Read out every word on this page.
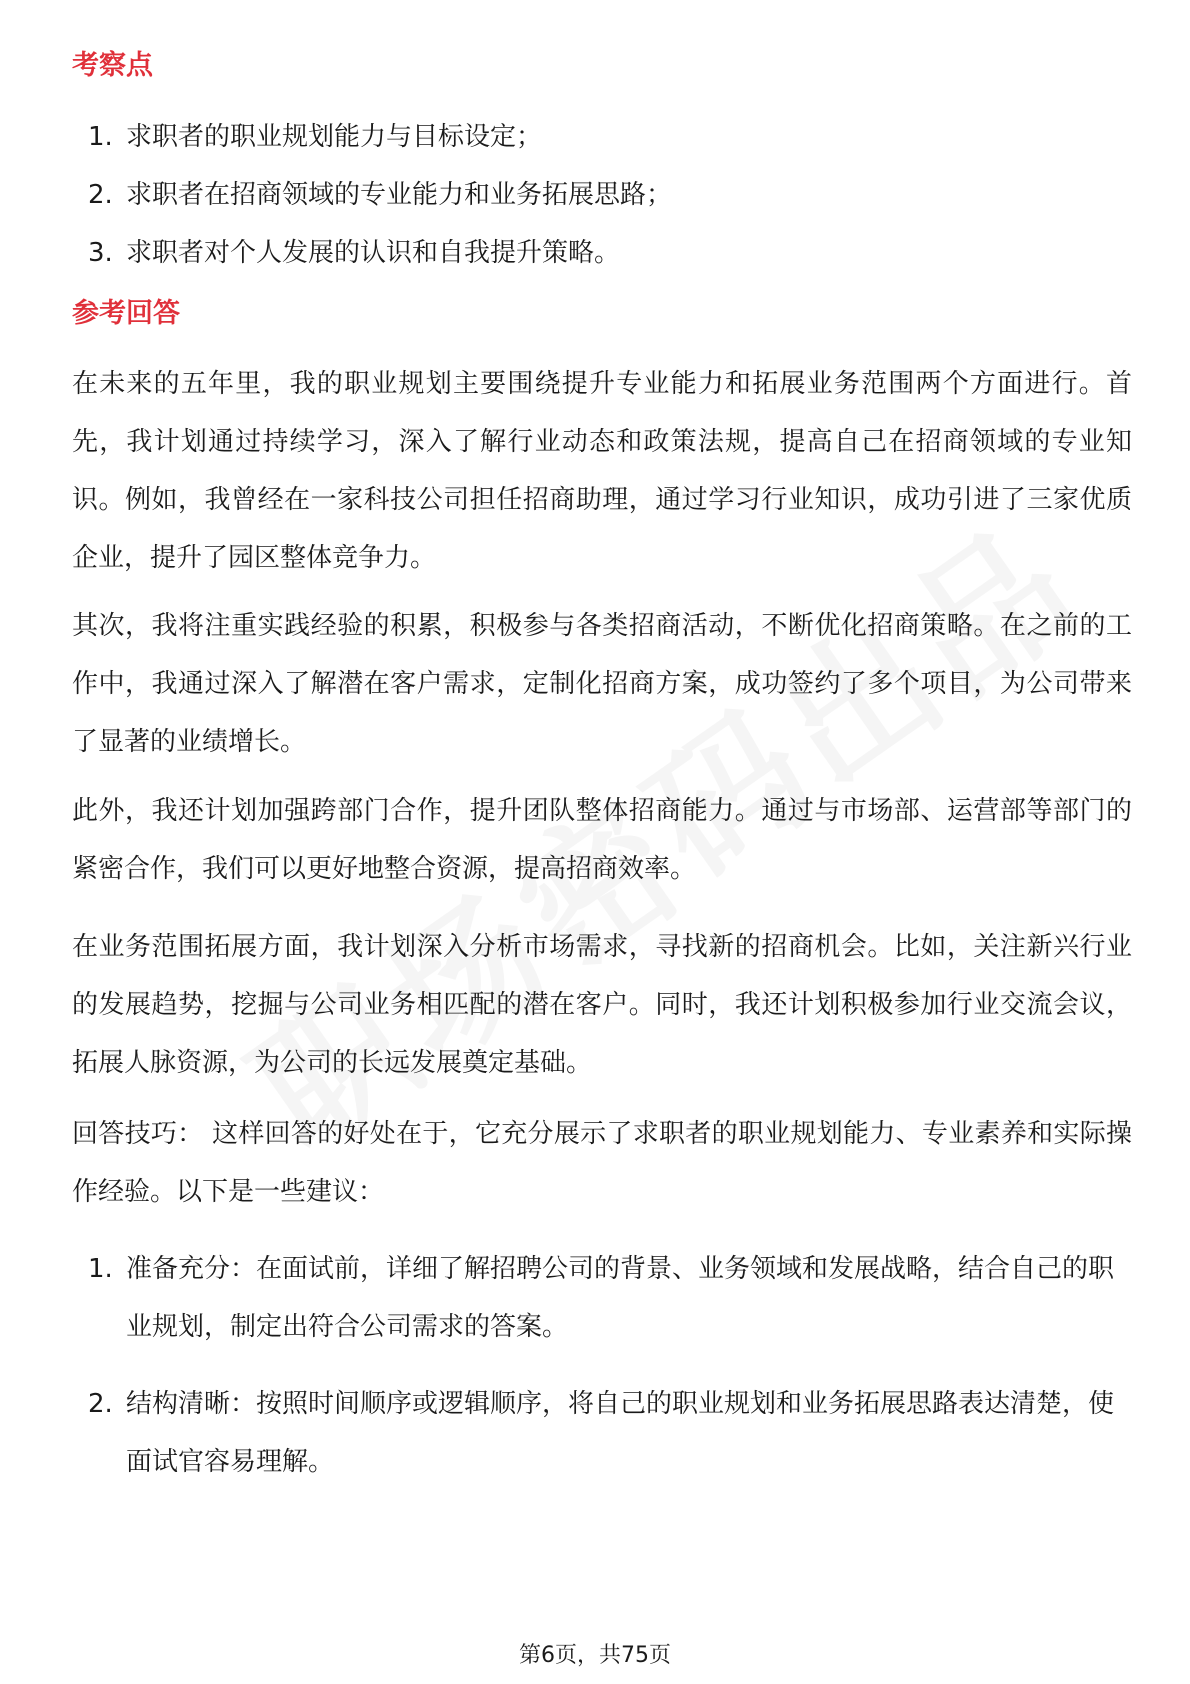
考察点
1. 求职者的职业规划能力与目标设定；
2. 求职者在招商领域的专业能力和业务拓展思路；
3. 求职者对个人发展的认识和自我提升策略。
参考回答

在未来的五年里，我的职业规划主要围绕提升专业能力和拓展业务范围两个方面进行。首先，我计划通过持续学习，深入了解行业动态和政策法规，提高自己在招商领域的专业知识。例如，我曾经在一家科技公司担任招商助理，通过学习行业知识，成功引进了三家优质企业，提升了园区整体竞争力。

其次，我将注重实践经验的积累，积极参与各类招商活动，不断优化招商策略。在之前的工作中，我通过深入了解潜在客户需求，定制化招商方案，成功签约了多个项目，为公司带来了显著的业绩增长。

此外，我还计划加强跨部门合作，提升团队整体招商能力。通过与市场部、运营部等部门的紧密合作，我们可以更好地整合资源，提高招商效率。

在业务范围拓展方面，我计划深入分析市场需求，寻找新的招商机会。比如，关注新兴行业的发展趋势，挖掘与公司业务相匹配的潜在客户。同时，我还计划积极参加行业交流会议，拓展人脉资源，为公司的长远发展奠定基础。

回答技巧： 这样回答的好处在于，它充分展示了求职者的职业规划能力、专业素养和实际操作经验。以下是一些建议：

1. 准备充分：在面试前，详细了解招聘公司的背景、业务领域和发展战略，结合自己的职业规划，制定出符合公司需求的答案。
2. 结构清晰：按照时间顺序或逻辑顺序，将自己的职业规划和业务拓展思路表达清楚，使面试官容易理解。
第6页，共75页
